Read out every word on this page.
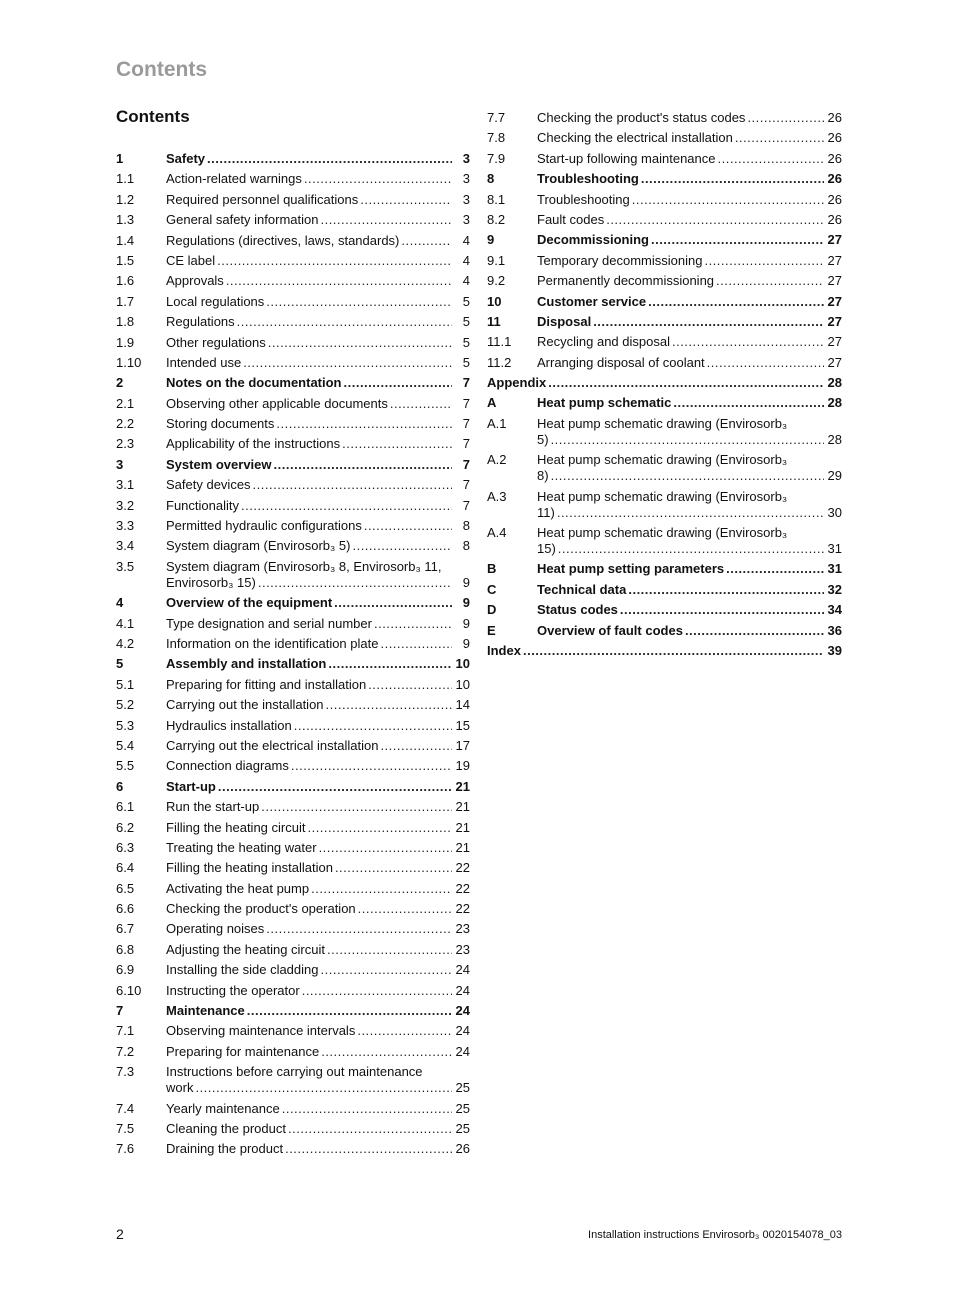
Contents
Contents
1	Safety .....	3
1.1 Action-related warnings .....	3
1.2 Required personnel qualifications .....	3
1.3 General safety information .....	3
1.4 Regulations (directives, laws, standards) .....	4
1.5 CE label .....	4
1.6 Approvals .....	4
1.7 Local regulations .....	5
1.8 Regulations .....	5
1.9 Other regulations .....	5
1.10 Intended use .....	5
2	Notes on the documentation .....	7
2.1 Observing other applicable documents .....	7
2.2 Storing documents .....	7
2.3 Applicability of the instructions .....	7
3	System overview .....	7
3.1 Safety devices .....	7
3.2 Functionality .....	7
3.3 Permitted hydraulic configurations .....	8
3.4 System diagram (Envirosorb₃ 5) .....	8
3.5 System diagram (Envirosorb₃ 8, Envirosorb₃ 11,
Envirosorb₃ 15) .....	9
4	Overview of the equipment .....	9
4.1 Type designation and serial number .....	9
4.2 Information on the identification plate .....	9
5	Assembly and installation .....	10
5.1 Preparing for fitting and installation .....	10
5.2 Carrying out the installation .....	14
5.3 Hydraulics installation .....	15
5.4 Carrying out the electrical installation .....	17
5.5 Connection diagrams .....	19
6	Start-up .....	21
6.1 Run the start-up .....	21
6.2 Filling the heating circuit .....	21
6.3 Treating the heating water .....	21
6.4 Filling the heating installation .....	22
6.5 Activating the heat pump .....	22
6.6 Checking the product's operation .....	22
6.7 Operating noises .....	23
6.8 Adjusting the heating circuit .....	23
6.9 Installing the side cladding .....	24
6.10 Instructing the operator .....	24
7	Maintenance .....	24
7.1 Observing maintenance intervals .....	24
7.2 Preparing for maintenance .....	24
7.3 Instructions before carrying out maintenance
work .....	25
7.4 Yearly maintenance .....	25
7.5 Cleaning the product .....	25
7.6 Draining the product .....	26
7.7 Checking the product's status codes .....	26
7.8 Checking the electrical installation .....	26
7.9 Start-up following maintenance .....	26
8	Troubleshooting .....	26
8.1 Troubleshooting .....	26
8.2 Fault codes .....	26
9	Decommissioning .....	27
9.1 Temporary decommissioning .....	27
9.2 Permanently decommissioning .....	27
10	Customer service .....	27
11	Disposal .....	27
11.1 Recycling and disposal .....	27
11.2 Arranging disposal of coolant .....	27
Appendix .....	28
A	Heat pump schematic .....	28
A.1 Heat pump schematic drawing (Envirosorb₃
5) .....	28
A.2 Heat pump schematic drawing (Envirosorb₃
8) .....	29
A.3 Heat pump schematic drawing (Envirosorb₃
11) .....	30
A.4 Heat pump schematic drawing (Envirosorb₃
15) .....	31
B	Heat pump setting parameters .....	31
C	Technical data .....	32
D	Status codes .....	34
E	Overview of fault codes .....	36
Index .....	39
2	Installation instructions Envirosorb₃ 0020154078_03
